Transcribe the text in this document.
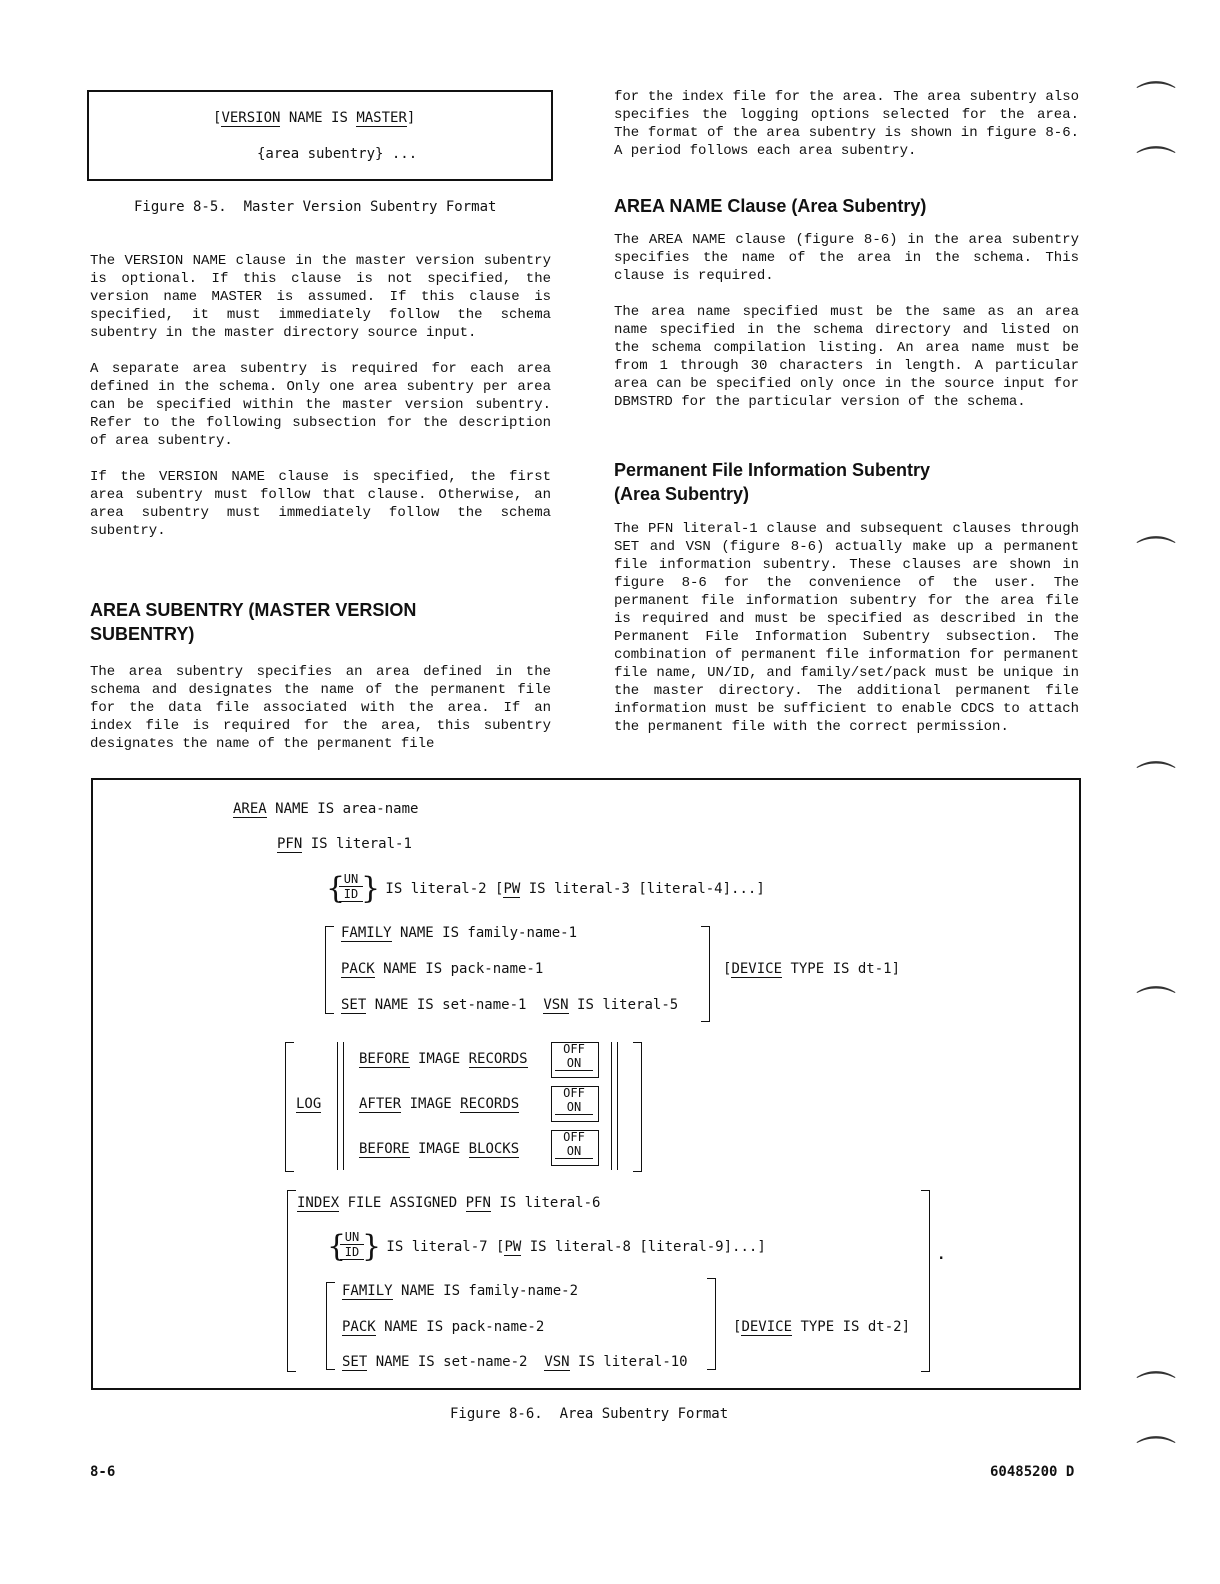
[VERSION NAME IS MASTER]
{area subentry} ...
Figure 8-5.  Master Version Subentry Format

The VERSION NAME clause in the master version subentry is optional. If this clause is not specified, the version name MASTER is assumed. If this clause is specified, it must immediately follow the schema subentry in the master directory source input.

A separate area subentry is required for each area defined in the schema. Only one area subentry per area can be specified within the master version subentry. Refer to the following subsection for the description of area subentry.

If the VERSION NAME clause is specified, the first area subentry must follow that clause. Otherwise, an area subentry must immediately follow the schema subentry.

AREA SUBENTRY (MASTER VERSION SUBENTRY)

The area subentry specifies an area defined in the schema and designates the name of the permanent file for the data file associated with the area. If an index file is required for the area, this subentry designates the name of the permanent file

for the index file for the area. The area subentry also specifies the logging options selected for the area. The format of the area subentry is shown in figure 8-6. A period follows each area subentry.

AREA NAME Clause (Area Subentry)

The AREA NAME clause (figure 8-6) in the area subentry specifies the name of the area in the schema. This clause is required.

The area name specified must be the same as an area name specified in the schema directory and listed on the schema compilation listing. An area name must be from 1 through 30 characters in length. A particular area can be specified only once in the source input for DBMSTRD for the particular version of the schema.

Permanent File Information Subentry
(Area Subentry)

The PFN literal-1 clause and subsequent clauses through SET and VSN (figure 8-6) actually make up a permanent file information subentry. These clauses are shown in figure 8-6 for the convenience of the user. The permanent file information subentry for the area file is required and must be specified as described in the Permanent File Information Subentry subsection. The combination of permanent file information for permanent file name, UN/ID, and family/set/pack must be unique in the master directory. The additional permanent file information must be sufficient to enable CDCS to attach the permanent file with the correct permission.

AREA NAME IS area-name
PFN IS literal-1
{
UN
ID }
IS literal-2 [PW IS literal-3 [literal-4]...]
FAMILY NAME IS family-name-1
PACK NAME IS pack-name-1
SET NAME IS set-name-1  VSN IS literal-5
[DEVICE TYPE IS dt-1]
LOG
BEFORE IMAGE RECORDS
AFTER IMAGE RECORDS
BEFORE IMAGE BLOCKS
OFF
ON
OFF
ON
OFF
ON
INDEX FILE ASSIGNED PFN IS literal-6
{
UN
ID }
IS literal-7 [PW IS literal-8 [literal-9]...]
FAMILY NAME IS family-name-2
PACK NAME IS pack-name-2
SET NAME IS set-name-2  VSN IS literal-10
[DEVICE TYPE IS dt-2]
.
Figure 8-6.  Area Subentry Format
8-6	60485200 D
⌒
⌒
⌒
⌒
⌒
⌒
⌒
